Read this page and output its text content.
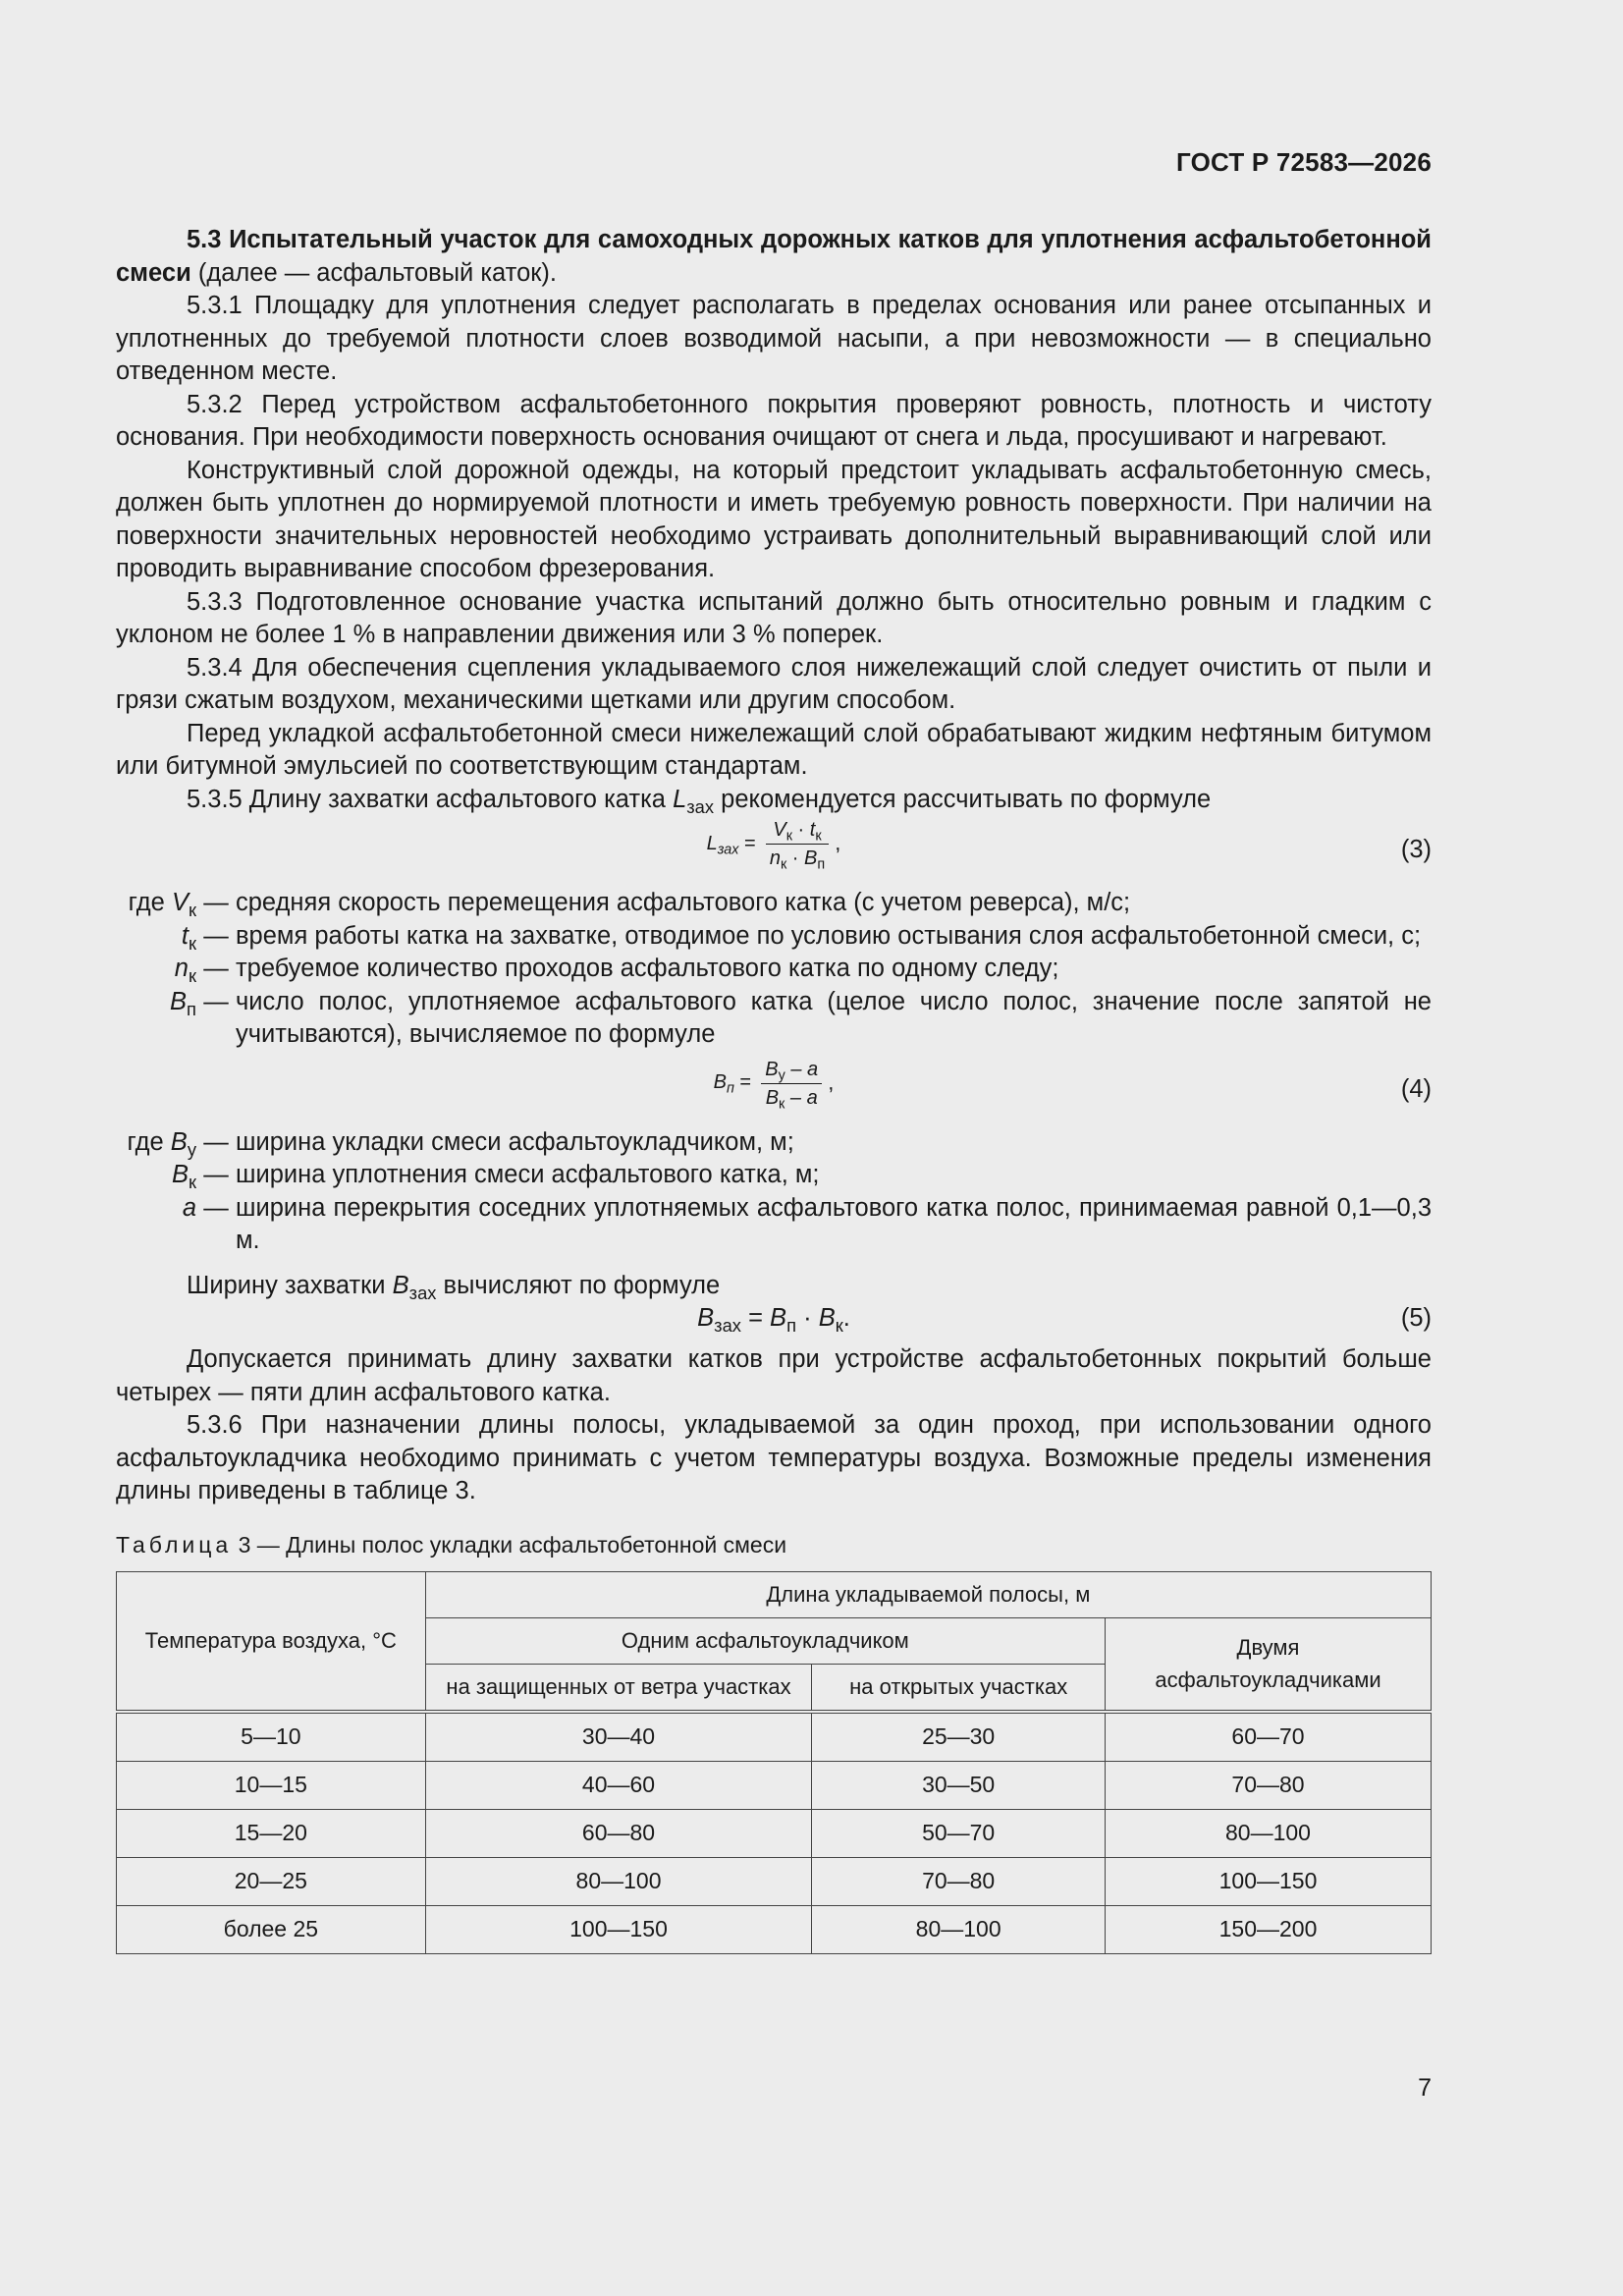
ГОСТ Р 72583—2026

5.3 Испытательный участок для самоходных дорожных катков для уплотнения асфальтобетонной смеси (далее — асфальтовый каток).

5.3.1 Площадку для уплотнения следует располагать в пределах основания или ранее отсыпанных и уплотненных до требуемой плотности слоев возводимой насыпи, а при невозможности — в специально отведенном месте.

5.3.2 Перед устройством асфальтобетонного покрытия проверяют ровность, плотность и чистоту основания. При необходимости поверхность основания очищают от снега и льда, просушивают и нагревают.

Конструктивный слой дорожной одежды, на который предстоит укладывать асфальтобетонную смесь, должен быть уплотнен до нормируемой плотности и иметь требуемую ровность поверхности. При наличии на поверхности значительных неровностей необходимо устраивать дополнительный выравнивающий слой или проводить выравнивание способом фрезерования.

5.3.3 Подготовленное основание участка испытаний должно быть относительно ровным и гладким с уклоном не более 1 % в направлении движения или 3 % поперек.

5.3.4 Для обеспечения сцепления укладываемого слоя нижележащий слой следует очистить от пыли и грязи сжатым воздухом, механическими щетками или другим способом.

Перед укладкой асфальтобетонной смеси нижележащий слой обрабатывают жидким нефтяным битумом или битумной эмульсией по соответствующим стандартам.

5.3.5 Длину захватки асфальтового катка $L_{зах}$ рекомендуется рассчитывать по формуле

$L_{зах} = \frac{V_к \cdot t_к}{n_к \cdot B_п}$ ,	(3)
где $V_к$	—	средняя скорость перемещения асфальтового катка (с учетом реверса), м/с;
$t_к$	—	время работы катка на захватке, отводимое по условию остывания слоя асфальтобетонной смеси, с;
$n_к$	—	требуемое количество проходов асфальтового катка по одному следу;
$B_п$	—	число полос, уплотняемое асфальтового катка (целое число полос, значение после запятой не учитываются), вычисляемое по формуле
$B_п = \frac{B_у - a}{B_к - a}$ ,	(4)
где $B_у$	—	ширина укладки смеси асфальтоукладчиком, м;
$B_к$	—	ширина уплотнения смеси асфальтового катка, м;
a	—	ширина перекрытия соседних уплотняемых асфальтового катка полос, принимаемая равной 0,1—0,3 м.

Ширину захватки $B_{зах}$ вычисляют по формуле

$B_{зах} = B_п \cdot B_к$.	(5)

Допускается принимать длину захватки катков при устройстве асфальтобетонных покрытий больше четырех — пяти длин асфальтового катка.

5.3.6 При назначении длины полосы, укладываемой за один проход, при использовании одного асфальтоукладчика необходимо принимать с учетом температуры воздуха. Возможные пределы изменения длины приведены в таблице 3.

Таблица 3 — Длины полос укладки асфальтобетонной смеси
Температура воздуха, °С	Длина укладываемой полосы, м		
	Одним асфальтоукладчиком		Двумя асфальтоукладчиками
	на защищенных от ветра участках	на открытых участках	
5—10	30—40	25—30	60—70
10—15	40—60	30—50	70—80
15—20	60—80	50—70	80—100
20—25	80—100	70—80	100—150
более 25	100—150	80—100	150—200
7
